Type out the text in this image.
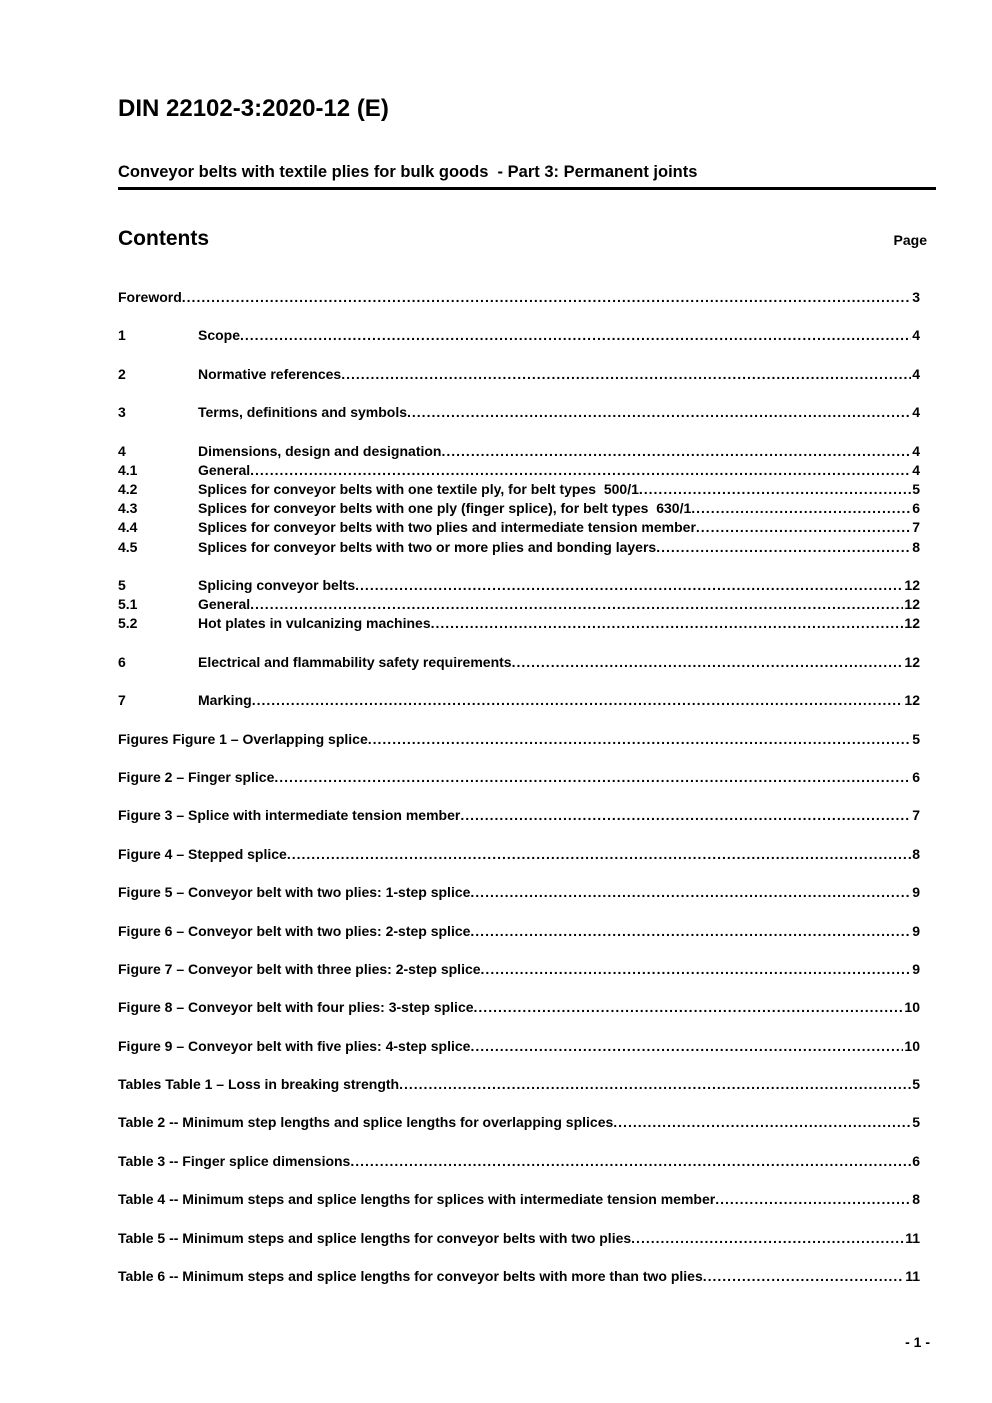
DIN 22102-3:2020-12 (E)
Conveyor belts with textile plies for bulk goods  - Part 3: Permanent joints
Contents	Page
Foreword .....	3
1	Scope .....	4
2	Normative references .....	4
3	Terms, definitions and symbols .....	4
4	Dimensions, design and designation .....	4
4.1	General .....	4
4.2	Splices for conveyor belts with one textile ply, for belt types  500/1 .....	5
4.3	Splices for conveyor belts with one ply (finger splice), for belt types  630/1 .....	6
4.4	Splices for conveyor belts with two plies and intermediate tension member .....	7
4.5	Splices for conveyor belts with two or more plies and bonding layers .....	8
5	Splicing conveyor belts .....	12
5.1	General .....	12
5.2	Hot plates in vulcanizing machines .....	12
6	Electrical and flammability safety requirements .....	12
7	Marking .....	12
Figures Figure 1 – Overlapping splice .....	5
Figure 2 – Finger splice .....	6
Figure 3 – Splice with intermediate tension member .....	7
Figure 4 – Stepped splice .....	8
Figure 5 – Conveyor belt with two plies: 1-step splice .....	9
Figure 6 – Conveyor belt with two plies: 2-step splice .....	9
Figure 7 – Conveyor belt with three plies: 2-step splice .....	9
Figure 8 – Conveyor belt with four plies: 3-step splice .....	10
Figure 9 – Conveyor belt with five plies: 4-step splice .....	10
Tables Table 1 – Loss in breaking strength .....	5
Table 2 -- Minimum step lengths and splice lengths for overlapping splices .....	5
Table 3 -- Finger splice dimensions .....	6
Table 4 -- Minimum steps and splice lengths for splices with intermediate tension member .....	8
Table 5 -- Minimum steps and splice lengths for conveyor belts with two plies .....	11
Table 6 -- Minimum steps and splice lengths for conveyor belts with more than two plies .....	11
- 1 -
